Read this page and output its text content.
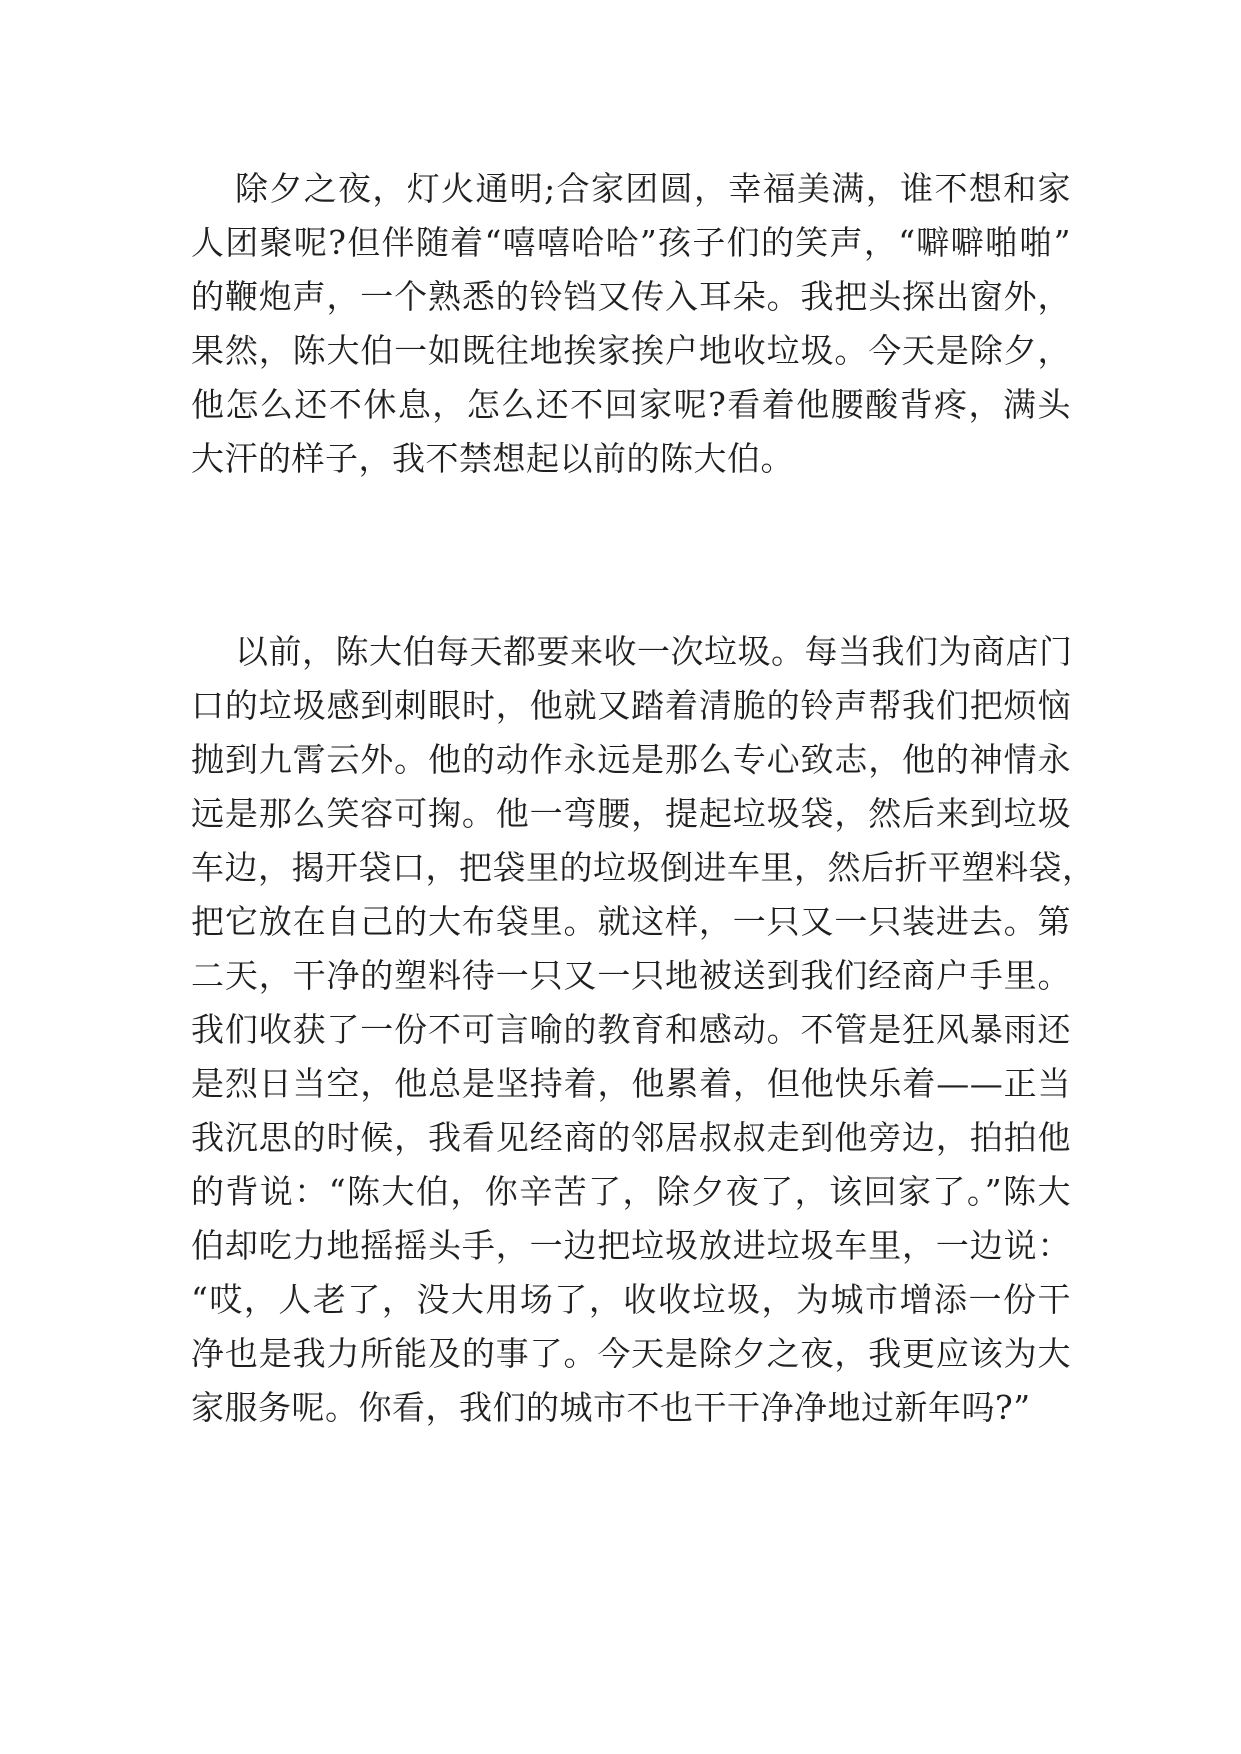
除夕之夜，灯火通明;合家团圆，幸福美满，谁不想和家
人团聚呢?但伴随着“嘻嘻哈哈”孩子们的笑声，“噼噼啪啪”
的鞭炮声，一个熟悉的铃铛又传入耳朵。我把头探出窗外，
果然，陈大伯一如既往地挨家挨户地收垃圾。今天是除夕，
他怎么还不休息，怎么还不回家呢?看着他腰酸背疼，满头
大汗的样子，我不禁想起以前的陈大伯。
以前，陈大伯每天都要来收一次垃圾。每当我们为商店门
口的垃圾感到刺眼时，他就又踏着清脆的铃声帮我们把烦恼
抛到九霄云外。他的动作永远是那么专心致志，他的神情永
远是那么笑容可掬。他一弯腰，提起垃圾袋，然后来到垃圾
车边，揭开袋口，把袋里的垃圾倒进车里，然后折平塑料袋，
把它放在自己的大布袋里。就这样，一只又一只装进去。第
二天，干净的塑料待一只又一只地被送到我们经商户手里。
我们收获了一份不可言喻的教育和感动。不管是狂风暴雨还
是烈日当空，他总是坚持着，他累着，但他快乐着——正当
我沉思的时候，我看见经商的邻居叔叔走到他旁边，拍拍他
的背说：“陈大伯，你辛苦了，除夕夜了，该回家了。”陈大
伯却吃力地摇摇头手，一边把垃圾放进垃圾车里，一边说：
“哎，人老了，没大用场了，收收垃圾，为城市增添一份干
净也是我力所能及的事了。今天是除夕之夜，我更应该为大
家服务呢。你看，我们的城市不也干干净净地过新年吗?”
